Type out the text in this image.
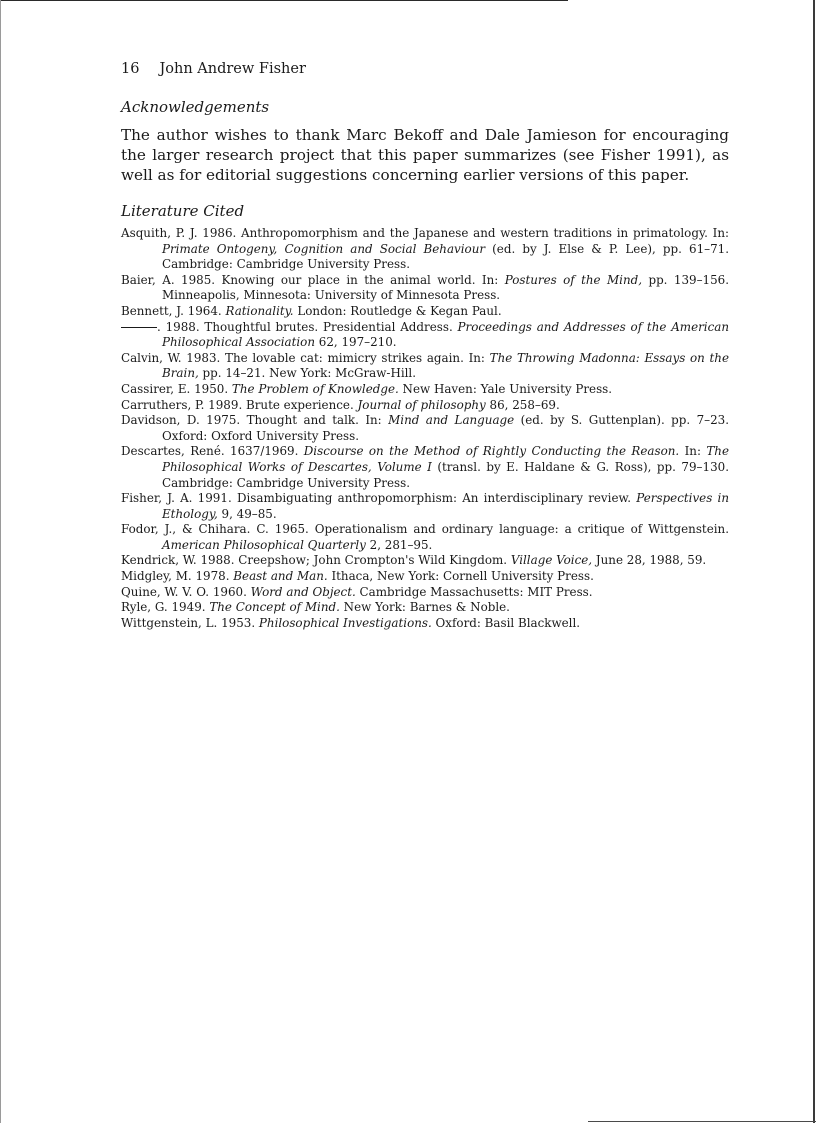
16 John Andrew Fisher
Acknowledgements

The author wishes to thank Marc Bekoff and Dale Jamieson for encouraging the larger research project that this paper summarizes (see Fisher 1991), as well as for editorial suggestions concerning earlier versions of this paper.

Literature Cited
Asquith, P. J. 1986. Anthropomorphism and the Japanese and western traditions in primatology. In: Primate Ontogeny, Cognition and Social Behaviour (ed. by J. Else & P. Lee), pp. 61–71. Cambridge: Cambridge University Press.
Baier, A. 1985. Knowing our place in the animal world. In: Postures of the Mind, pp. 139–156. Minneapolis, Minnesota: University of Minnesota Press.
Bennett, J. 1964. Rationality. London: Routledge & Kegan Paul.
. 1988. Thoughtful brutes. Presidential Address. Proceedings and Addresses of the American Philosophical Association 62, 197–210.
Calvin, W. 1983. The lovable cat: mimicry strikes again. In: The Throwing Madonna: Essays on the Brain, pp. 14–21. New York: McGraw-Hill.
Cassirer, E. 1950. The Problem of Knowledge. New Haven: Yale University Press.
Carruthers, P. 1989. Brute experience. Journal of philosophy 86, 258–69.
Davidson, D. 1975. Thought and talk. In: Mind and Language (ed. by S. Guttenplan). pp. 7–23. Oxford: Oxford University Press.
Descartes, René. 1637/1969. Discourse on the Method of Rightly Conducting the Reason. In: The Philosophical Works of Descartes, Volume I (transl. by E. Haldane & G. Ross), pp. 79–130. Cambridge: Cambridge University Press.
Fisher, J. A. 1991. Disambiguating anthropomorphism: An interdisciplinary review. Perspectives in Ethology, 9, 49–85.
Fodor, J., & Chihara. C. 1965. Operationalism and ordinary language: a critique of Wittgenstein. American Philosophical Quarterly 2, 281–95.
Kendrick, W. 1988. Creepshow; John Crompton's Wild Kingdom. Village Voice, June 28, 1988, 59.
Midgley, M. 1978. Beast and Man. Ithaca, New York: Cornell University Press.
Quine, W. V. O. 1960. Word and Object. Cambridge Massachusetts: MIT Press.
Ryle, G. 1949. The Concept of Mind. New York: Barnes & Noble.
Wittgenstein, L. 1953. Philosophical Investigations. Oxford: Basil Blackwell.
